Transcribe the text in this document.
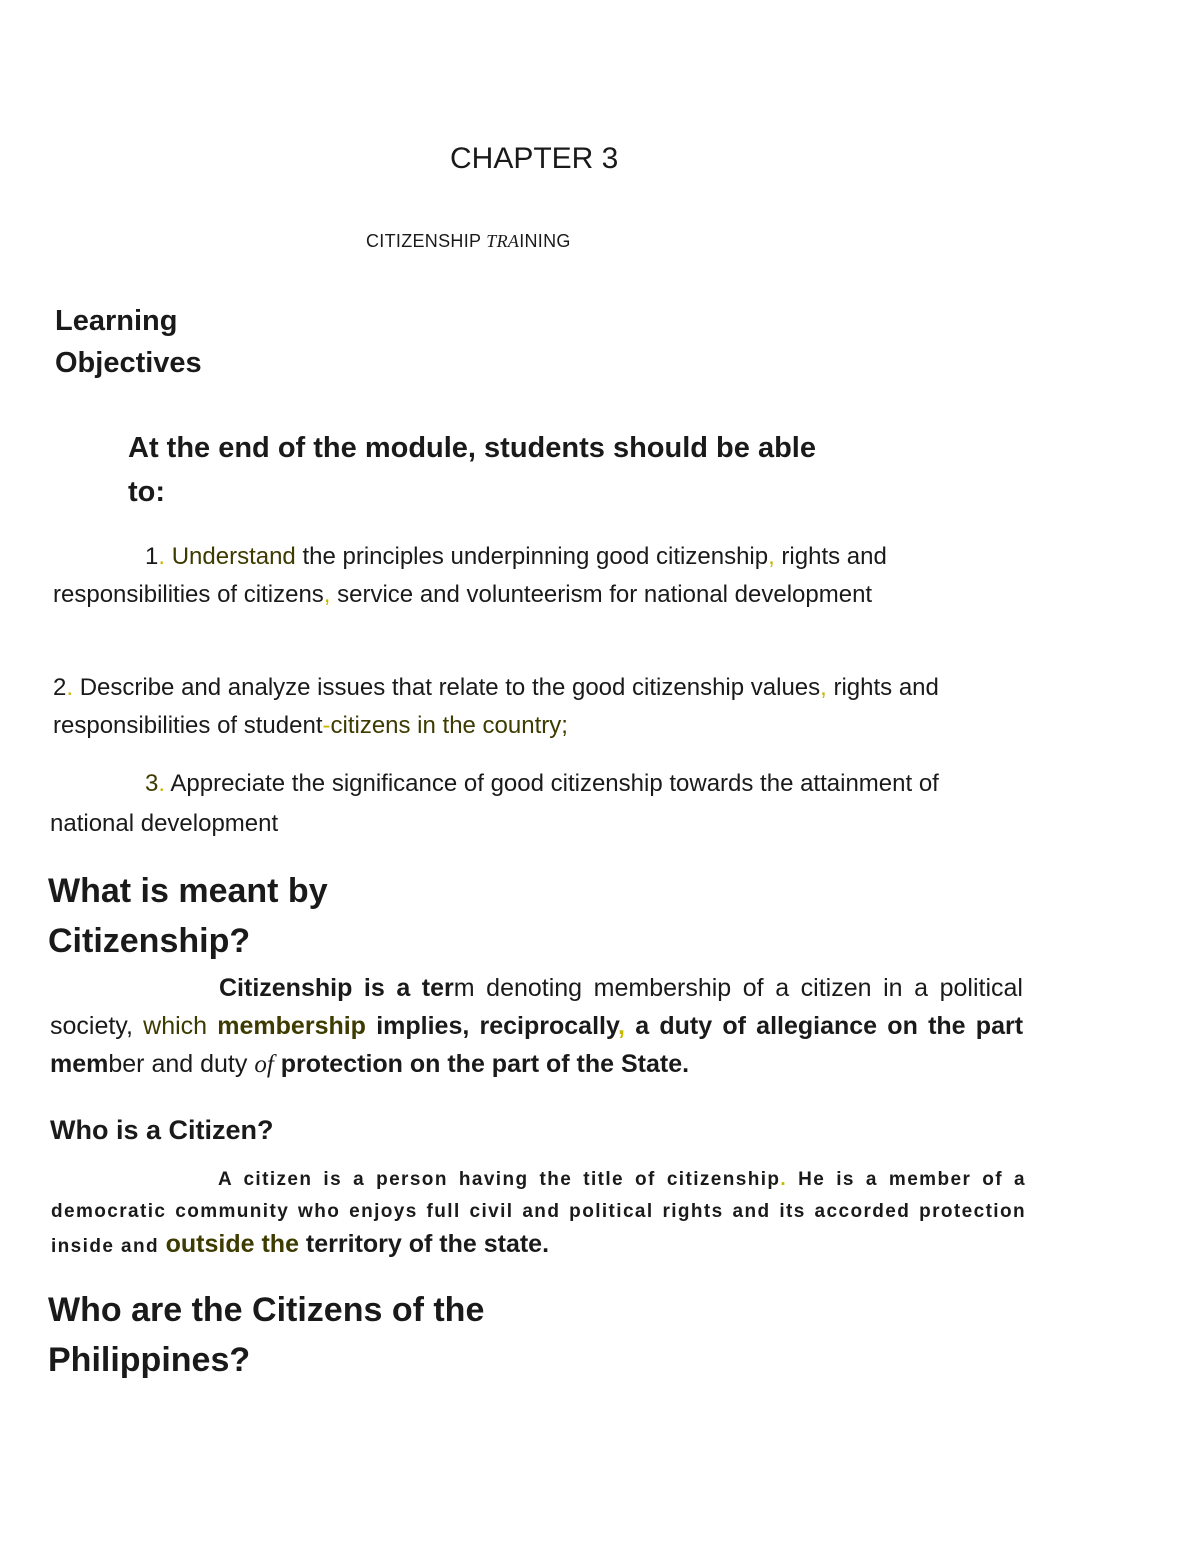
CHAPTER 3
CITIZENSHIP TRAINING
Learning
Objectives

At the end of the module, students should be able to:

1. Understand the principles underpinning good citizenship, rights and responsibilities of citizens, service and volunteerism for national development

2. Describe and analyze issues that relate to the good citizenship values, rights and responsibilities of student-citizens in the country;

3. Appreciate the significance of good citizenship towards the attainment of national development

What is meant by
Citizenship?

Citizenship is a term denoting membership of a citizen in a political society, which membership implies, reciprocally, a duty of allegiance on the part member and duty of protection on the part of the State.

Who is a Citizen?

A citizen is a person having the title of citizenship. He is a member of a democratic community who enjoys full civil and political rights and its accorded protection inside and outside the territory of the state.

Who are the Citizens of the
Philippines?
